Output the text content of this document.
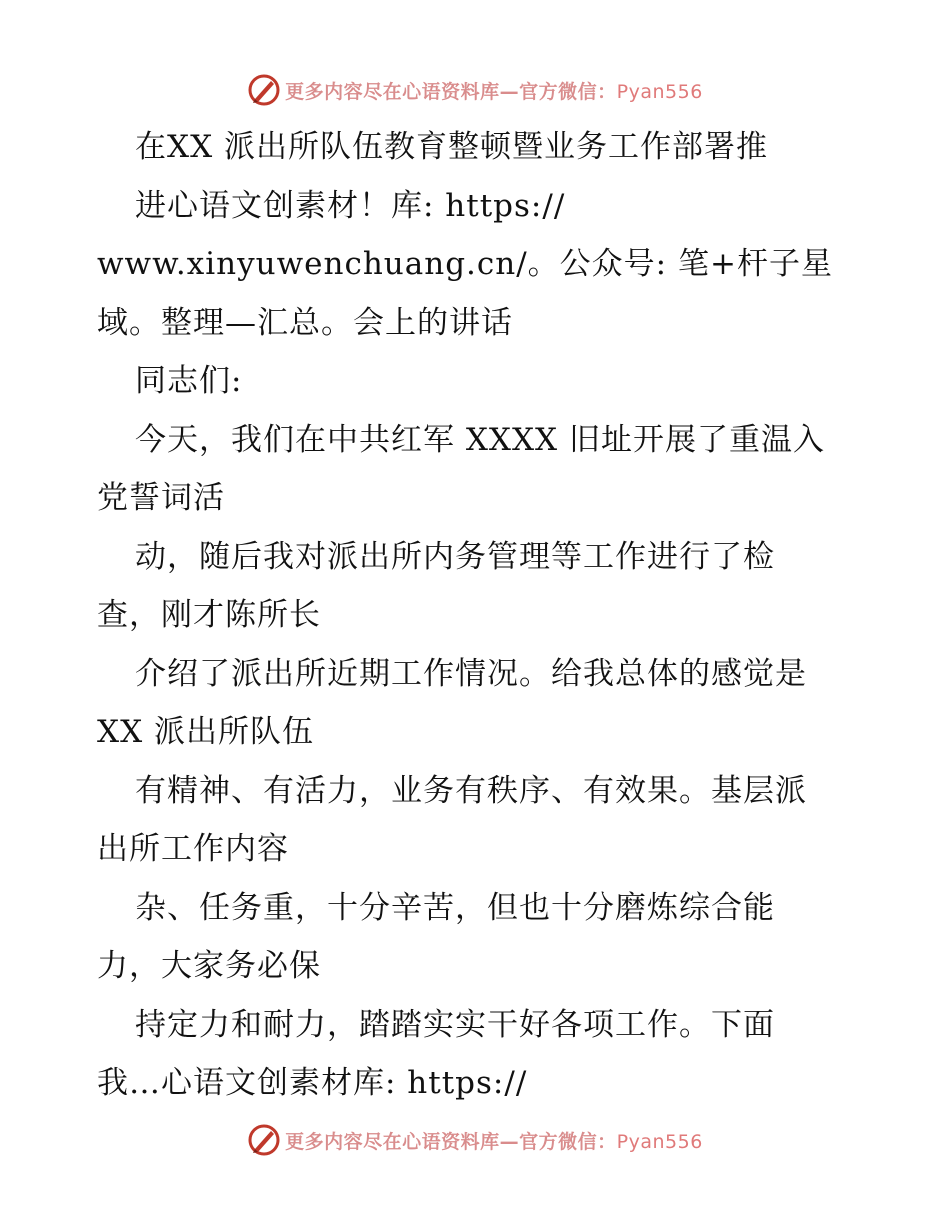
更多内容尽在心语资料库—官方微信：Pyan556
在XX 派出所队伍教育整顿暨业务工作部署推
进心语文创素材！库: https://
www.xinyuwenchuang.cn/。公众号: 笔+杆子星
域。整理—汇总。会上的讲话
同志们:
今天，我们在中共红军 XXXX 旧址开展了重温入
党誓词活
动，随后我对派出所内务管理等工作进行了检
查，刚才陈所长
介绍了派出所近期工作情况。给我总体的感觉是
XX 派出所队伍
有精神、有活力，业务有秩序、有效果。基层派
出所工作内容
杂、任务重，十分辛苦，但也十分磨炼综合能
力，大家务必保
持定力和耐力，踏踏实实干好各项工作。下面
我…心语文创素材库: https://
更多内容尽在心语资料库—官方微信：Pyan556
